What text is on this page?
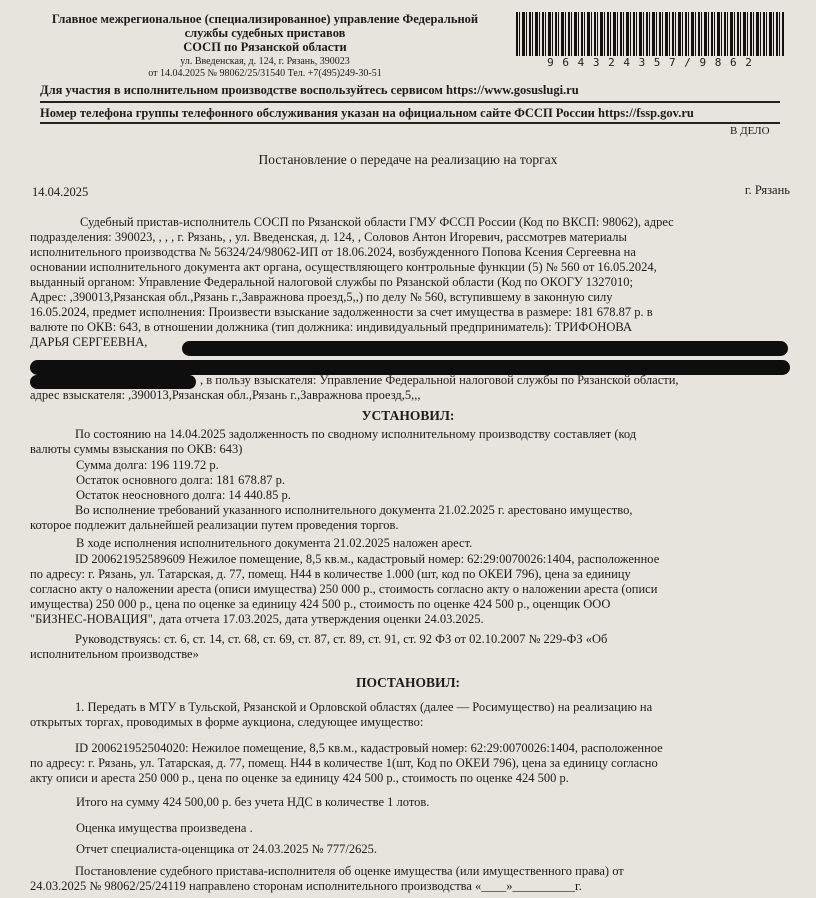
Главное межрегиональное (специализированное) управление Федеральной
службы судебных приставов
СОСП по Рязанской области
ул. Введенская, д. 124, г. Рязань, 390023
от 14.04.2025 № 98062/25/31540 Тел. +7(495)249-30-51
9 6 4 3 2 4 3 5 7 / 9 8 6 2
Для участия в исполнительном производстве воспользуйтесь сервисом https://www.gosuslugi.ru
Номер телефона группы телефонного обслуживания указан на официальном сайте ФССП России https://fssp.gov.ru
В ДЕЛО
Постановление о передаче на реализацию на торгах
14.04.2025	г. Рязань
Судебный пристав-исполнитель СОСП по Рязанской области ГМУ ФССП России (Код по ВКСП: 98062), адрес
подразделения: 390023, , , , г. Рязань, , ул. Введенская, д. 124, , Соловов Антон Игоревич, рассмотрев материалы
исполнительного производства № 56324/24/98062-ИП от 18.06.2024, возбужденного Попова Ксения Сергеевна на
основании исполнительного документа акт органа, осуществляющего контрольные функции (5) № 560 от 16.05.2024,
выданный органом: Управление Федеральной налоговой службы по Рязанской области (Код по ОКОГУ 1327010;
Адрес: ,390013,Рязанская обл.,Рязань г.,Завражнова проезд,5,,) по делу № 560, вступившему в законную силу
16.05.2024, предмет исполнения: Произвести взыскание задолженности за счет имущества в размере: 181 678.87 р. в
валюте по ОКВ: 643, в отношении должника (тип должника: индивидуальный предприниматель): ТРИФОНОВА
ДАРЬЯ СЕРГЕЕВНА,
, в пользу взыскателя: Управление Федеральной налоговой службы по Рязанской области,
адрес взыскателя: ,390013,Рязанская обл.,Рязань г.,Завражнова проезд,5,,,
УСТАНОВИЛ:
По состоянию на 14.04.2025 задолженность по сводному исполнительному производству составляет (код
валюты суммы взыскания по ОКВ: 643)
Сумма долга: 196 119.72 р.
Остаток основного долга: 181 678.87 р.
Остаток неосновного долга: 14 440.85 р.
Во исполнение требований указанного исполнительного документа 21.02.2025 г. арестовано имущество,
которое подлежит дальнейшей реализации путем проведения торгов.
В ходе исполнения исполнительного документа 21.02.2025 наложен арест.
ID 200621952589609 Нежилое помещение, 8,5 кв.м., кадастровый номер: 62:29:0070026:1404, расположенное
по адресу: г. Рязань, ул. Татарская, д. 77, помещ. Н44 в количестве 1.000 (шт, код по ОКЕИ 796), цена за единицу
согласно акту о наложении ареста (описи имущества) 250 000 р., стоимость согласно акту о наложении ареста (описи
имущества) 250 000 р., цена по оценке за единицу 424 500 р., стоимость по оценке 424 500 р., оценщик ООО
"БИЗНЕС-НОВАЦИЯ", дата отчета 17.03.2025, дата утверждения оценки 24.03.2025.
Руководствуясь: ст. 6, ст. 14, ст. 68, ст. 69, ст. 87, ст. 89, ст. 91, ст. 92 ФЗ от 02.10.2007 № 229-ФЗ «Об
исполнительном производстве»
ПОСТАНОВИЛ:
1. Передать в МТУ в Тульской, Рязанской и Орловской областях (далее — Росимущество) на реализацию на
открытых торгах, проводимых в форме аукциона, следующее имущество:
ID 200621952504020: Нежилое помещение, 8,5 кв.м., кадастровый номер: 62:29:0070026:1404, расположенное
по адресу: г. Рязань, ул. Татарская, д. 77, помещ. Н44 в количестве 1(шт, Код по ОКЕИ 796), цена за единицу согласно
акту описи и ареста 250 000 р., цена по оценке за единицу 424 500 р., стоимость по оценке 424 500 р.
Итого на сумму 424 500,00 р. без учета НДС в количестве 1 лотов.
Оценка имущества произведена .
Отчет специалиста-оценщика от 24.03.2025 № 777/2625.
Постановление судебного пристава-исполнителя об оценке имущества (или имущественного права) от
24.03.2025 № 98062/25/24119 направлено сторонам исполнительного производства «____»__________г.
